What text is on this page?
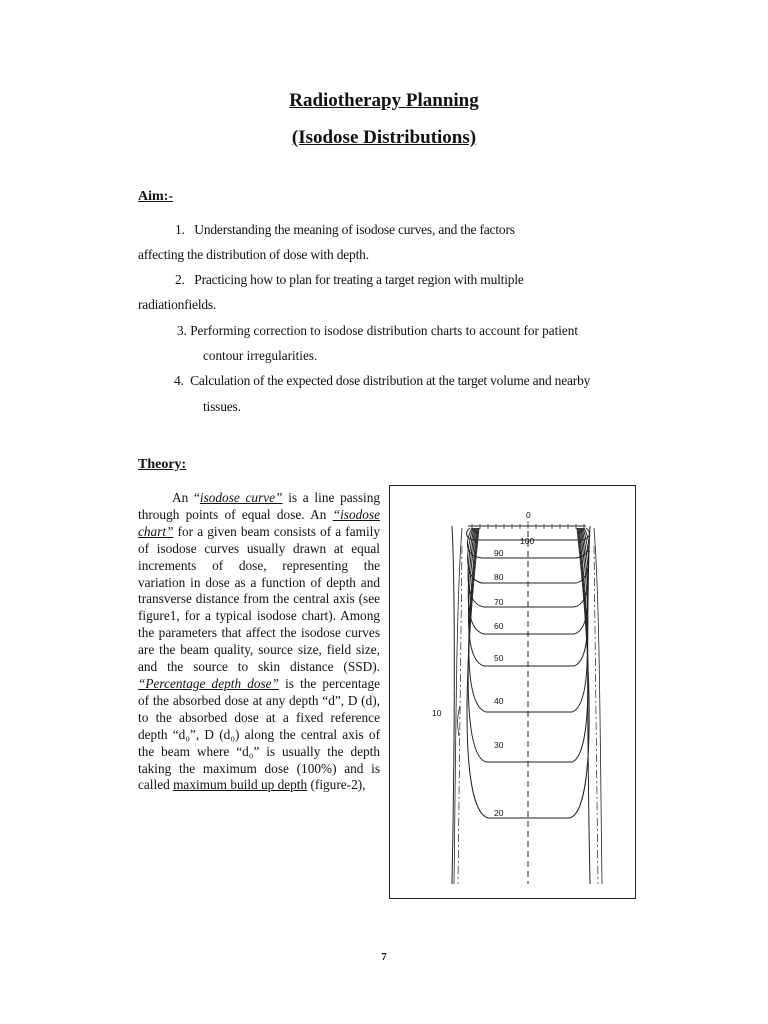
Radiotherapy Planning
(Isodose Distributions)
Aim:-
1. Understanding the meaning of isodose curves, and the factors
affecting the distribution of dose with depth.
2. Practicing how to plan for treating a target region with multiple
radiationfields.
3. Performing correction to isodose distribution charts to account for patient
contour irregularities.
4. Calculation of the expected dose distribution at the target volume and nearby
tissues.
Theory:

An “isodose curve” is a line passing through points of equal dose. An “isodose chart” for a given beam consists of a family of isodose curves usually drawn at equal increments of dose, representing the variation in dose as a function of depth and transverse distance from the central axis (see figure1, for a typical isodose chart). Among the parameters that affect the isodose curves are the beam quality, source size, field size, and the source to skin distance (SSD). “Percentage depth dose” is the percentage of the absorbed dose at any depth “d”, D (d), to the absorbed dose at a fixed reference depth “d₀”, D (d₀) along the central axis of the beam where “d₀” is usually the depth taking the maximum dose (100%) and is called maximum build up depth (figure-2),

0
100
90
80
70
60
50
40
30
20
10
7
